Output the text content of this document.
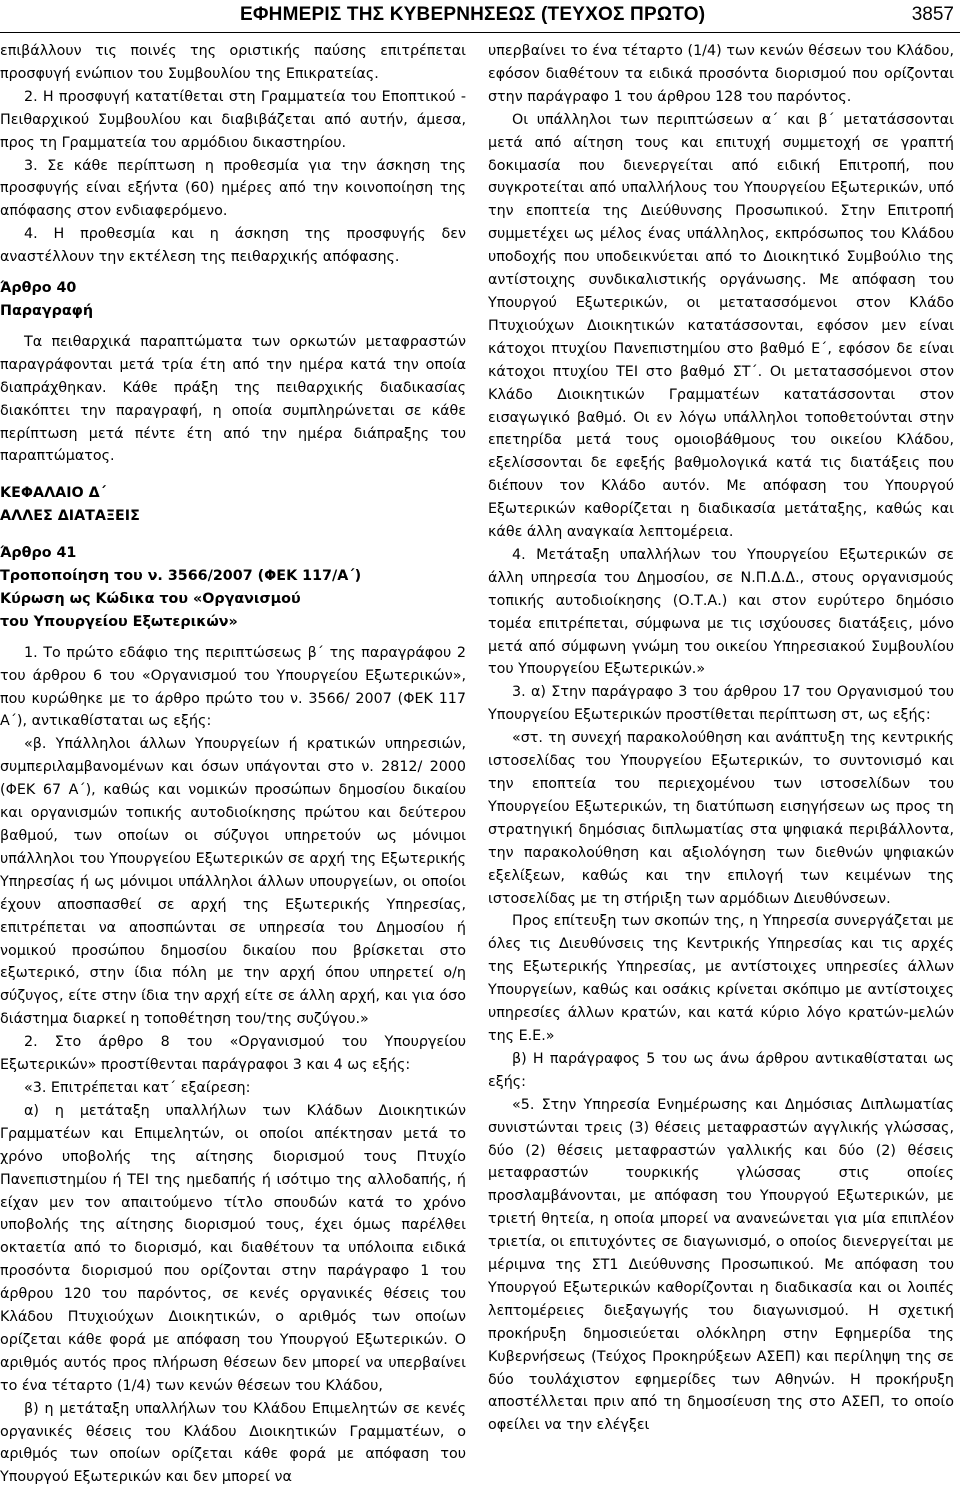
ΕΦΗΜΕΡΙΣ ΤΗΣ ΚΥΒΕΡΝΗΣΕΩΣ (ΤΕΥΧΟΣ ΠΡΩΤΟ)	3857

επιβάλλουν τις ποινές της οριστικής παύσης επιτρέπεται προσφυγή ενώπιον του Συμβουλίου της Επικρατείας.

2. Η προσφυγή κατατίθεται στη Γραμματεία του Εποπτικού - Πειθαρχικού Συμβουλίου και διαβιβάζεται από αυτήν, άμεσα, προς τη Γραμματεία του αρμόδιου δικαστηρίου.

3. Σε κάθε περίπτωση η προθεσμία για την άσκηση της προσφυγής είναι εξήντα (60) ημέρες από την κοινοποίηση της απόφασης στον ενδιαφερόμενο.

4. Η προθεσμία και η άσκηση της προσφυγής δεν αναστέλλουν την εκτέλεση της πειθαρχικής απόφασης.

Άρθρο 40

Παραγραφή

Τα πειθαρχικά παραπτώματα των ορκωτών μεταφραστών παραγράφονται μετά τρία έτη από την ημέρα κατά την οποία διαπράχθηκαν. Κάθε πράξη της πειθαρχικής διαδικασίας διακόπτει την παραγραφή, η οποία συμπληρώνεται σε κάθε περίπτωση μετά πέντε έτη από την ημέρα διάπραξης του παραπτώματος.

ΚΕΦΑΛΑΙΟ Δ΄

ΑΛΛΕΣ ΔΙΑΤΑΞΕΙΣ

Άρθρο 41

Τροποποίηση του ν. 3566/2007 (ΦΕΚ 117/Α΄)

Κύρωση ως Κώδικα του «Οργανισμού

του Υπουργείου Εξωτερικών»

1. Το πρώτο εδάφιο της περιπτώσεως β΄ της παραγράφου 2 του άρθρου 6 του «Οργανισμού του Υπουργείου Εξωτερικών», που κυρώθηκε με το άρθρο πρώτο του ν. 3566/ 2007 (ΦΕΚ 117 Α΄), αντικαθίσταται ως εξής:

«β. Υπάλληλοι άλλων Υπουργείων ή κρατικών υπηρεσιών, συμπεριλαμβανομένων και όσων υπάγονται στο ν. 2812/ 2000 (ΦΕΚ 67 Α΄), καθώς και νομικών προσώπων δημοσίου δικαίου και οργανισμών τοπικής αυτοδιοίκησης πρώτου και δεύτερου βαθμού, των οποίων οι σύζυγοι υπηρετούν ως μόνιμοι υπάλληλοι του Υπουργείου Εξωτερικών σε αρχή της Εξωτερικής Υπηρεσίας ή ως μόνιμοι υπάλληλοι άλλων υπουργείων, οι οποίοι έχουν αποσπασθεί σε αρχή της Εξωτερικής Υπηρεσίας, επιτρέπεται να αποσπώνται σε υπηρεσία του Δημοσίου ή νομικού προσώπου δημοσίου δικαίου που βρίσκεται στο εξωτερικό, στην ίδια πόλη με την αρχή όπου υπηρετεί ο/η σύζυγος, είτε στην ίδια την αρχή είτε σε άλλη αρχή, και για όσο διάστημα διαρκεί η τοποθέτηση του/της συζύγου.»

2. Στο άρθρο 8 του «Οργανισμού του Υπουργείου Εξωτερικών» προστίθενται παράγραφοι 3 και 4 ως εξής:

«3. Επιτρέπεται κατ΄ εξαίρεση:

α) η μετάταξη υπαλλήλων των Κλάδων Διοικητικών Γραμματέων και Επιμελητών, οι οποίοι απέκτησαν μετά το χρόνο υποβολής της αίτησης διορισμού τους Πτυχίο Πανεπιστημίου ή ΤΕΙ της ημεδαπής ή ισότιμο της αλλοδαπής, ή είχαν μεν τον απαιτούμενο τίτλο σπουδών κατά το χρόνο υποβολής της αίτησης διορισμού τους, έχει όμως παρέλθει οκταετία από το διορισμό, και διαθέτουν τα υπόλοιπα ειδικά προσόντα διορισμού που ορίζονται στην παράγραφο 1 του άρθρου 120 του παρόντος, σε κενές οργανικές θέσεις του Κλάδου Πτυχιούχων Διοικητικών, ο αριθμός των οποίων ορίζεται κάθε φορά με απόφαση του Υπουργού Εξωτερικών. Ο αριθμός αυτός προς πλήρωση θέσεων δεν μπορεί να υπερβαίνει το ένα τέταρτο (1/4) των κενών θέσεων του Κλάδου,

β) η μετάταξη υπαλλήλων του Κλάδου Επιμελητών σε κενές οργανικές θέσεις του Κλάδου Διοικητικών Γραμματέων, ο αριθμός των οποίων ορίζεται κάθε φορά με απόφαση του Υπουργού Εξωτερικών και δεν μπορεί να

υπερβαίνει το ένα τέταρτο (1/4) των κενών θέσεων του Κλάδου, εφόσον διαθέτουν τα ειδικά προσόντα διορισμού που ορίζονται στην παράγραφο 1 του άρθρου 128 του παρόντος.

Οι υπάλληλοι των περιπτώσεων α΄ και β΄ μετατάσσονται μετά από αίτηση τους και επιτυχή συμμετοχή σε γραπτή δοκιμασία που διενεργείται από ειδική Επιτροπή, που συγκροτείται από υπαλλήλους του Υπουργείου Εξωτερικών, υπό την εποπτεία της Διεύθυνσης Προσωπικού. Στην Επιτροπή συμμετέχει ως μέλος ένας υπάλληλος, εκπρόσωπος του Κλάδου υποδοχής που υποδεικνύεται από το Διοικητικό Συμβούλιο της αντίστοιχης συνδικαλιστικής οργάνωσης. Με απόφαση του Υπουργού Εξωτερικών, οι μετατασσόμενοι στον Κλάδο Πτυχιούχων Διοικητικών κατατάσσονται, εφόσον μεν είναι κάτοχοι πτυχίου Πανεπιστημίου στο βαθμό Ε΄, εφόσον δε είναι κάτοχοι πτυχίου ΤΕΙ στο βαθμό ΣΤ΄. Οι μετατασσόμενοι στον Κλάδο Διοικητικών Γραμματέων κατατάσσονται στον εισαγωγικό βαθμό. Οι εν λόγω υπάλληλοι τοποθετούνται στην επετηρίδα μετά τους ομοιοβάθμους του οικείου Κλάδου, εξελίσσονται δε εφεξής βαθμολογικά κατά τις διατάξεις που διέπουν τον Κλάδο αυτόν. Με απόφαση του Υπουργού Εξωτερικών καθορίζεται η διαδικασία μετάταξης, καθώς και κάθε άλλη αναγκαία λεπτομέρεια.

4. Μετάταξη υπαλλήλων του Υπουργείου Εξωτερικών σε άλλη υπηρεσία του Δημοσίου, σε Ν.Π.Δ.Δ., στους οργανισμούς τοπικής αυτοδιοίκησης (Ο.Τ.Α.) και στον ευρύτερο δημόσιο τομέα επιτρέπεται, σύμφωνα με τις ισχύουσες διατάξεις, μόνο μετά από σύμφωνη γνώμη του οικείου Υπηρεσιακού Συμβουλίου του Υπουργείου Εξωτερικών.»

3. α) Στην παράγραφο 3 του άρθρου 17 του Οργανισμού του Υπουργείου Εξωτερικών προστίθεται περίπτωση στ, ως εξής:

«στ. τη συνεχή παρακολούθηση και ανάπτυξη της κεντρικής ιστοσελίδας του Υπουργείου Εξωτερικών, το συντονισμό και την εποπτεία του περιεχομένου των ιστοσελίδων του Υπουργείου Εξωτερικών, τη διατύπωση εισηγήσεων ως προς τη στρατηγική δημόσιας διπλωματίας στα ψηφιακά περιβάλλοντα, την παρακολούθηση και αξιολόγηση των διεθνών ψηφιακών εξελίξεων, καθώς και την επιλογή των κειμένων της ιστοσελίδας με τη στήριξη των αρμόδιων Διευθύνσεων.

Προς επίτευξη των σκοπών της, η Υπηρεσία συνεργάζεται με όλες τις Διευθύνσεις της Κεντρικής Υπηρεσίας και τις αρχές της Εξωτερικής Υπηρεσίας, με αντίστοιχες υπηρεσίες άλλων Υπουργείων, καθώς και οσάκις κρίνεται σκόπιμο με αντίστοιχες υπηρεσίες άλλων κρατών, και κατά κύριο λόγο κρατών-μελών της Ε.Ε.»

β) Η παράγραφος 5 του ως άνω άρθρου αντικαθίσταται ως εξής:

«5. Στην Υπηρεσία Ενημέρωσης και Δημόσιας Διπλωματίας συνιστώνται τρεις (3) θέσεις μεταφραστών αγγλικής γλώσσας, δύο (2) θέσεις μεταφραστών γαλλικής και δύο (2) θέσεις μεταφραστών τουρκικής γλώσσας στις οποίες προσλαμβάνονται, με απόφαση του Υπουργού Εξωτερικών, με τριετή θητεία, η οποία μπορεί να ανανεώνεται για μία επιπλέον τριετία, οι επιτυχόντες σε διαγωνισμό, ο οποίος διενεργείται με μέριμνα της ΣΤ1 Διεύθυνσης Προσωπικού. Με απόφαση του Υπουργού Εξωτερικών καθορίζονται η διαδικασία και οι λοιπές λεπτομέρειες διεξαγωγής του διαγωνισμού. Η σχετική προκήρυξη δημοσιεύεται ολόκληρη στην Εφημερίδα της Κυβερνήσεως (Τεύχος Προκηρύξεων ΑΣΕΠ) και περίληψη της σε δύο τουλάχιστον εφημερίδες των Αθηνών. Η προκήρυξη αποστέλλεται πριν από τη δημοσίευση της στο ΑΣΕΠ, το οποίο οφείλει να την ελέγξει
